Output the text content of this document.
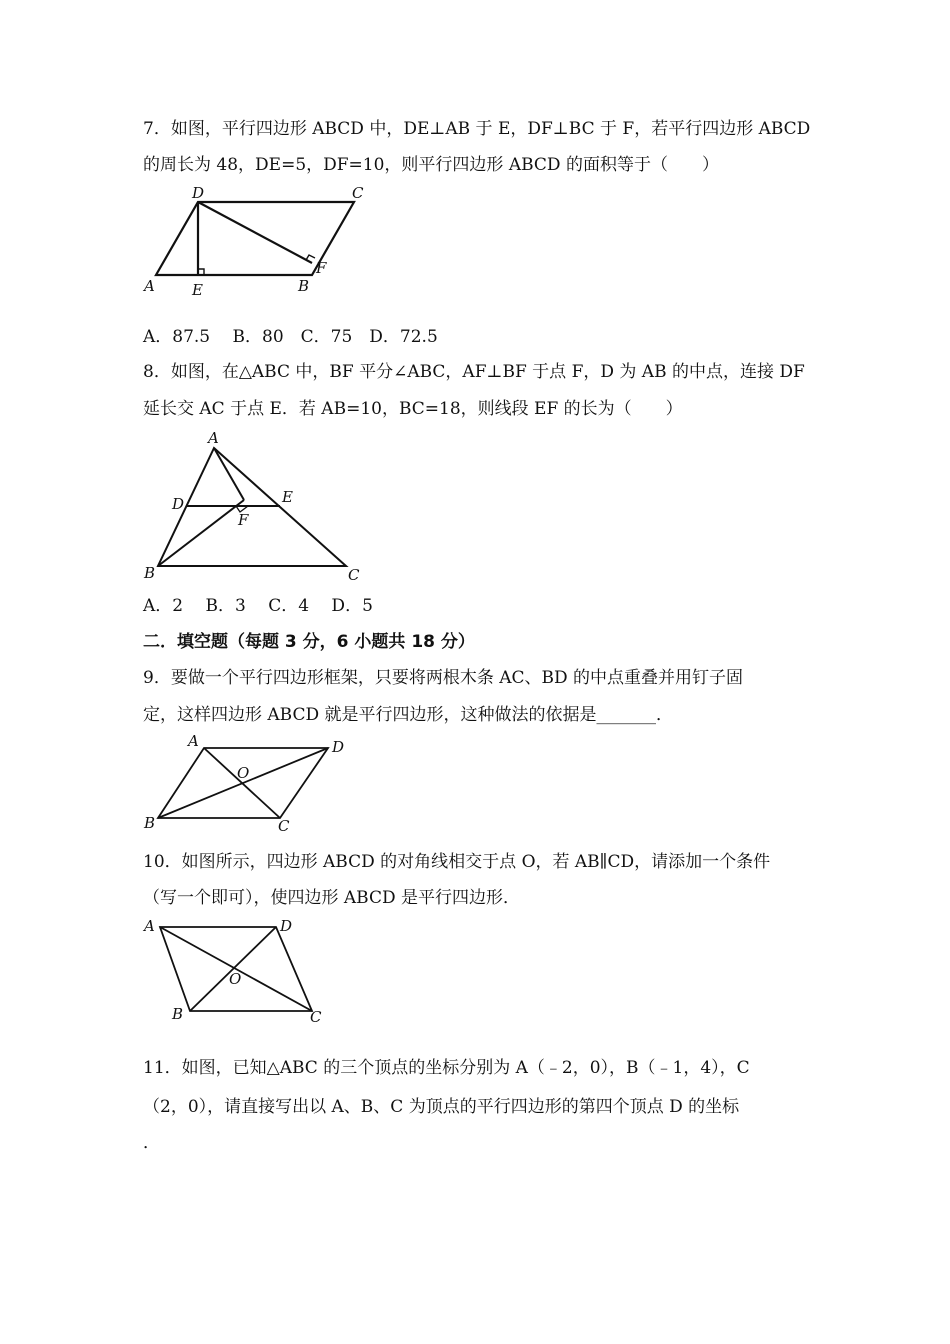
7．如图，平行四边形 ABCD 中，DE⊥AB 于 E，DF⊥BC 于 F，若平行四边形 ABCD
的周长为 48，DE=5，DF=10，则平行四边形 ABCD 的面积等于（　　）
D	C
A E	B
F
A．87.5　 B．80　C．75　D．72.5
8．如图，在△ABC 中，BF 平分∠ABC，AF⊥BF 于点 F，D 为 AB 的中点，连接 DF
延长交 AC 于点 E．若 AB=10，BC=18，则线段 EF 的长为（　　）
A
D	E
F
B	C
A．2　 B．3　 C．4　 D．5
二．填空题（每题 3 分，6 小题共 18 分）
9．要做一个平行四边形框架，只要将两根木条 AC、BD 的中点重叠并用钉子固
定，这样四边形 ABCD 就是平行四边形，这种做法的依据是_______．
A	D
O
B	C
10．如图所示，四边形 ABCD 的对角线相交于点 O，若 AB∥CD，请添加一个条件
（写一个即可），使四边形 ABCD 是平行四边形．
A	D
O
B	C
11．如图，已知△ABC 的三个顶点的坐标分别为 A（﹣2，0），B（﹣1，4），C
（2，0），请直接写出以 A、B、C 为顶点的平行四边形的第四个顶点 D 的坐标
．
